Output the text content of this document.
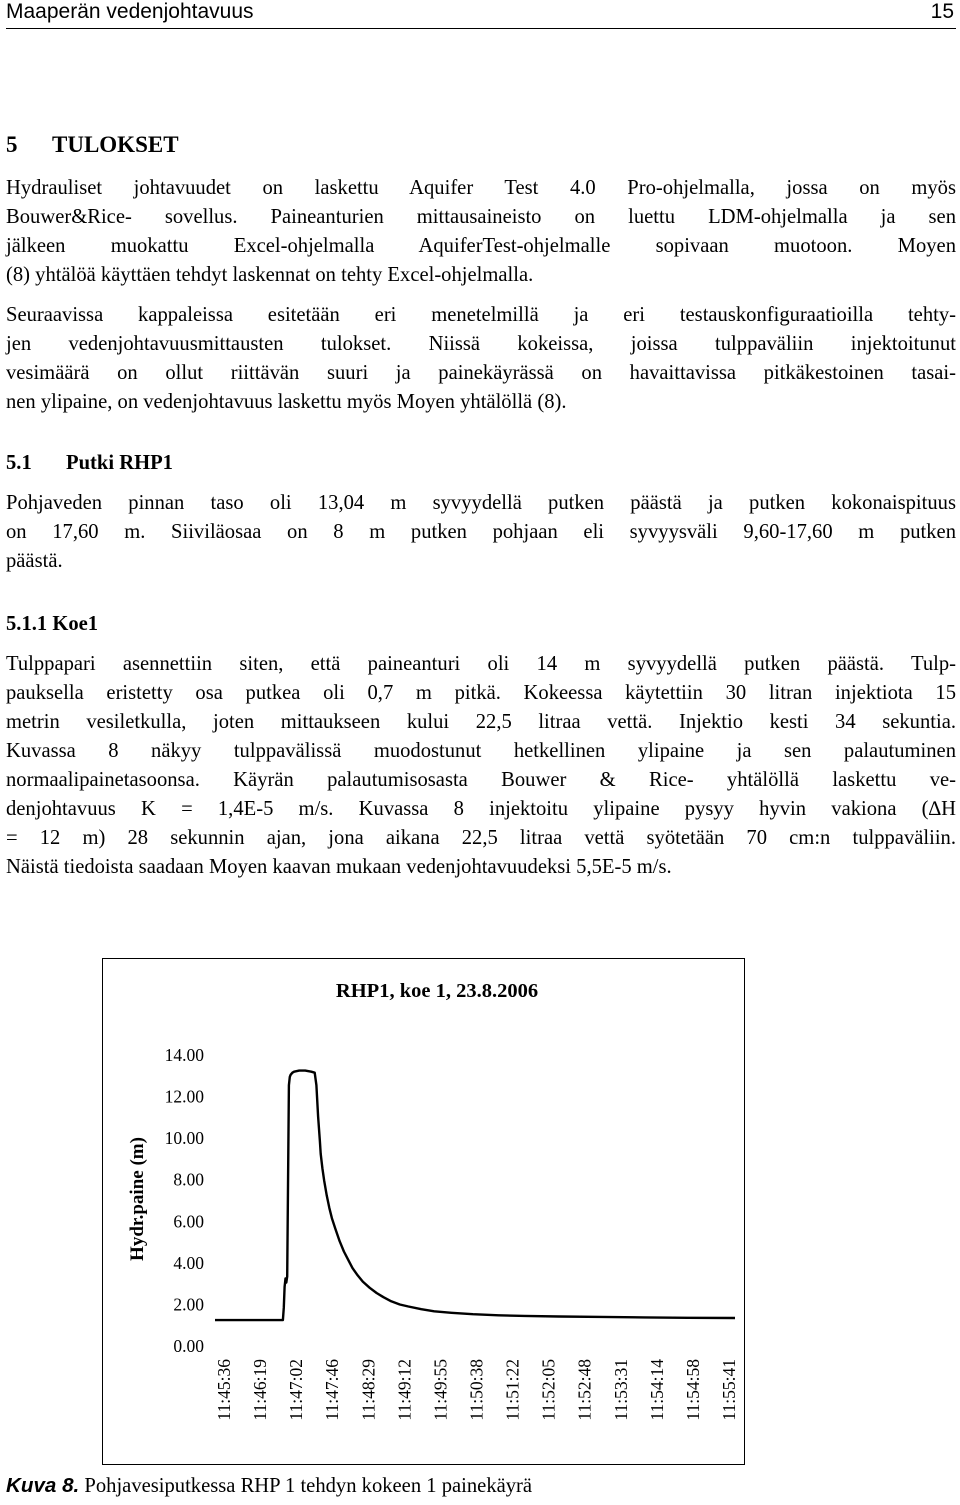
Maaperän vedenjohtavuus	15
5 TULOKSET
Hydrauliset johtavuudet on laskettu Aquifer Test 4.0 Pro-ohjelmalla, jossa on myös
Bouwer&Rice- sovellus. Paineanturien mittausaineisto on luettu LDM-ohjelmalla ja sen
jälkeen muokattu Excel-ohjelmalla AquiferTest-ohjelmalle sopivaan muotoon. Moyen
(8) yhtälöä käyttäen tehdyt laskennat on tehty Excel-ohjelmalla.
Seuraavissa kappaleissa esitetään eri menetelmillä ja eri testauskonfiguraatioilla tehty-
jen vedenjohtavuusmittausten tulokset. Niissä kokeissa, joissa tulppaväliin injektoitunut
vesimäärä on ollut riittävän suuri ja painekäyrässä on havaittavissa pitkäkestoinen tasai-
nen ylipaine, on vedenjohtavuus laskettu myös Moyen yhtälöllä (8).
5.1 Putki RHP1
Pohjaveden pinnan taso oli 13,04 m syvyydellä putken päästä ja putken kokonaispituus
on 17,60 m. Siiviläosaa on 8 m putken pohjaan eli syvyysväli 9,60-17,60 m putken
päästä.
5.1.1 Koe1
Tulppapari asennettiin siten, että paineanturi oli 14 m syvyydellä putken päästä. Tulp-
pauksella eristetty osa putkea oli 0,7 m pitkä. Kokeessa käytettiin 30 litran injektiota 15
metrin vesiletkulla, joten mittaukseen kului 22,5 litraa vettä. Injektio kesti 34 sekuntia.
Kuvassa 8 näkyy tulppavälissä muodostunut hetkellinen ylipaine ja sen palautuminen
normaalipainetasoonsa. Käyrän palautumisosasta Bouwer & Rice- yhtälöllä laskettu ve-
denjohtavuus K = 1,4E-5 m/s. Kuvassa 8 injektoitu ylipaine pysyy hyvin vakiona (∆H
= 12 m) 28 sekunnin ajan, jona aikana 22,5 litraa vettä syötetään 70 cm:n tulppaväliin.
Näistä tiedoista saadaan Moyen kaavan mukaan vedenjohtavuudeksi 5,5E-5 m/s.
RHP1, koe 1, 23.8.2006
Hydr.paine (m)
0.00
2.00
4.00
6.00
8.00
10.00
12.00
14.00
11:45:36 11:46:19 11:47:02 11:47:46 11:48:29 11:49:12 11:49:55 11:50:38 11:51:22 11:52:05 11:52:48 11:53:31 11:54:14 11:54:58 11:55:41
Kuva 8. Pohjavesiputkessa RHP 1 tehdyn kokeen 1 painekäyrä
